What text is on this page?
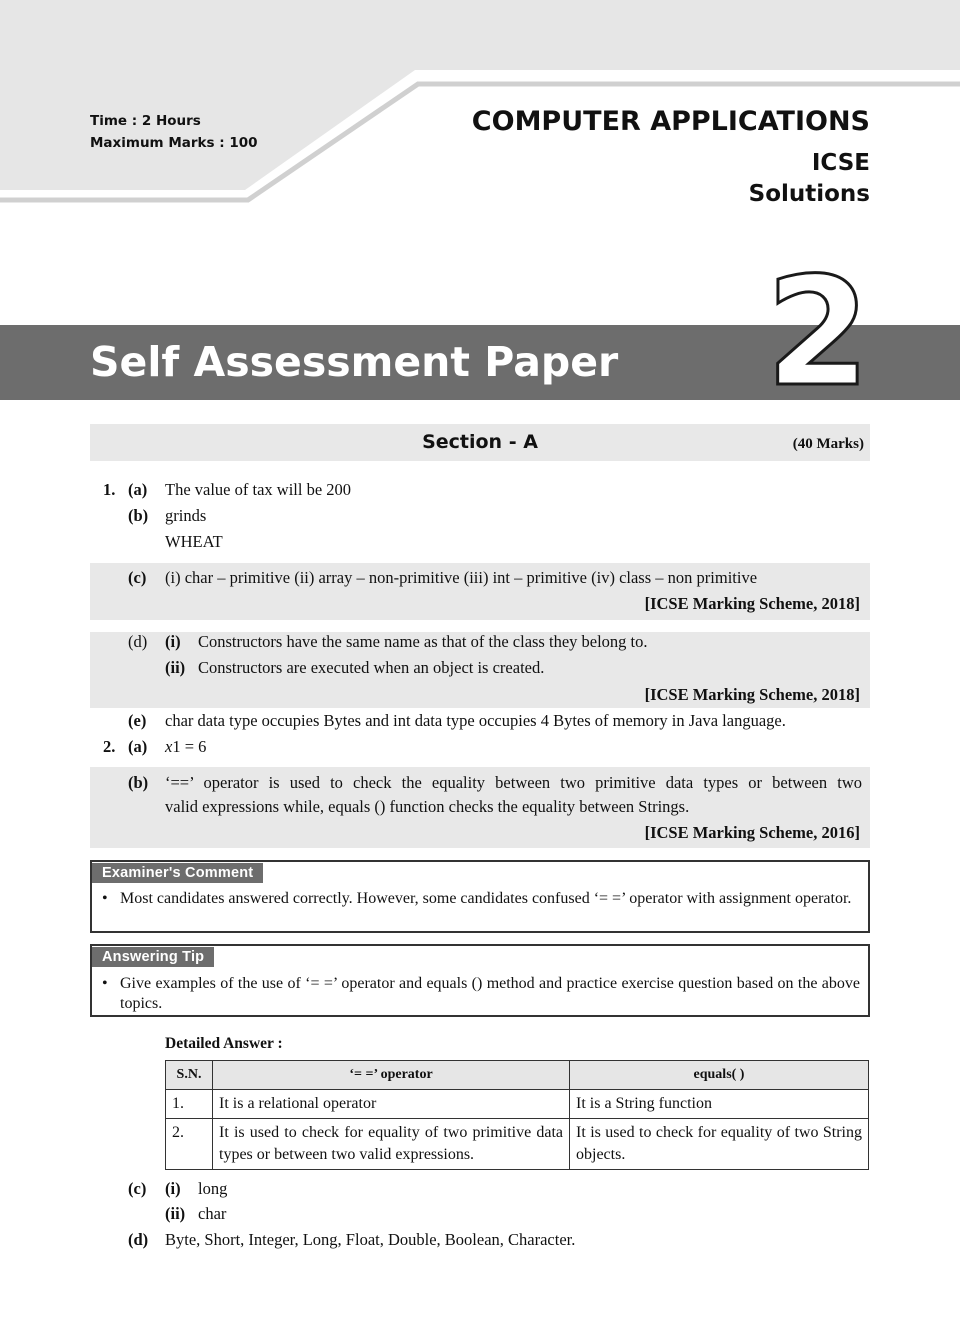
Time : 2 Hours
Maximum Marks : 100
COMPUTER APPLICATIONS
ICSE
Solutions
Self Assessment Paper 2
Section - A	(40 Marks)
1. (a) The value of tax will be 200
(b) grinds
WHEAT
(c) (i) char – primitive (ii) array – non-primitive (iii) int – primitive (iv) class – non primitive
[ICSE Marking Scheme, 2018]
(d) (i) Constructors have the same name as that of the class they belong to.
(ii) Constructors are executed when an object is created.
[ICSE Marking Scheme, 2018]
(e) char data type occupies Bytes and int data type occupies 4 Bytes of memory in Java language.
2. (a) x1 = 6
(b) ‘==’ operator is used to check the equality between two primitive data types or between two
valid expressions while, equals () function checks the equality between Strings.
[ICSE Marking Scheme, 2016]
Examiner's Comment
• Most candidates answered correctly. However, some candidates confused ‘= =’ operator with assignment operator.
Answering Tip
• Give examples of the use of ‘= =’ operator and equals () method and practice exercise question based on the above topics.
Detailed Answer :
S.N.	‘= =’ operator	equals( )
1.	It is a relational operator	It is a String function
2.	It is used to check for equality of two primitive data types or between two valid expressions.	It is used to check for equality of two String objects.
(c) (i) long
(ii) char
(d) Byte, Short, Integer, Long, Float, Double, Boolean, Character.
